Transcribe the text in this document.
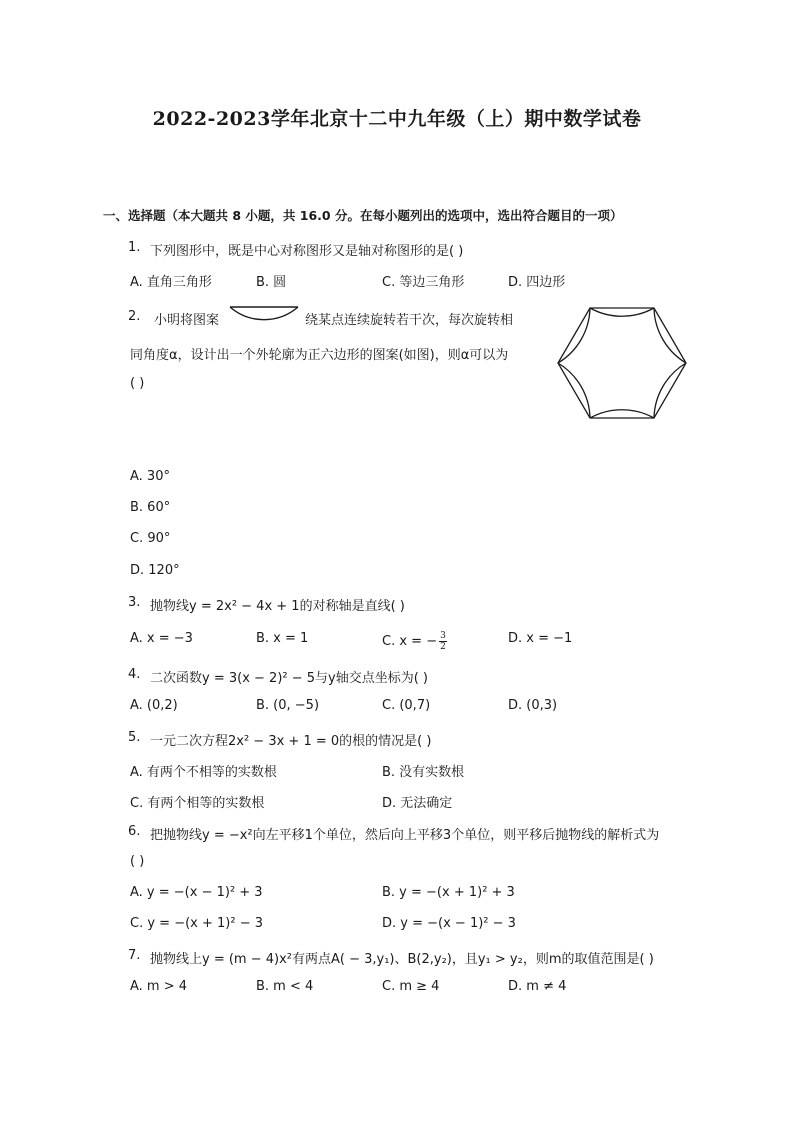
2022-2023学年北京十二中九年级（上）期中数学试卷
一、选择题（本大题共 8 小题，共 16.0 分。在每小题列出的选项中，选出符合题目的一项）
1. 下列图形中，既是中心对称图形又是轴对称图形的是( )
A. 直角三角形	B. 圆	C. 等边三角形	D. 四边形
2. 小明将图案	绕某点连续旋转若干次，每次旋转相
同角度α，设计出一个外轮廓为正六边形的图案(如图)，则α可以为
( )
A. 30°
B. 60°
C. 90°
D. 120°
3. 抛物线y = 2x² − 4x + 1的对称轴是直线( )
A. x = −3	B. x = 1	C. x = − $\frac{3}{2}$	D. x = −1
4. 二次函数y = 3(x − 2)² − 5与y轴交点坐标为( )
A. (0,2)	B. (0, −5)	C. (0,7)	D. (0,3)
5. 一元二次方程2x² − 3x + 1 = 0的根的情况是( )
A. 有两个不相等的实数根	B. 没有实数根
C. 有两个相等的实数根	D. 无法确定
6. 把抛物线y = −x²向左平移1个单位，然后向上平移3个单位，则平移后抛物线的解析式为
( )
A. y = −(x − 1)² + 3	B. y = −(x + 1)² + 3
C. y = −(x + 1)² − 3	D. y = −(x − 1)² − 3
7. 抛物线上y = (m − 4)x²有两点A( − 3,y₁)、B(2,y₂)，且y₁ > y₂，则m的取值范围是( )
A. m > 4	B. m < 4	C. m ≥ 4	D. m ≠ 4
